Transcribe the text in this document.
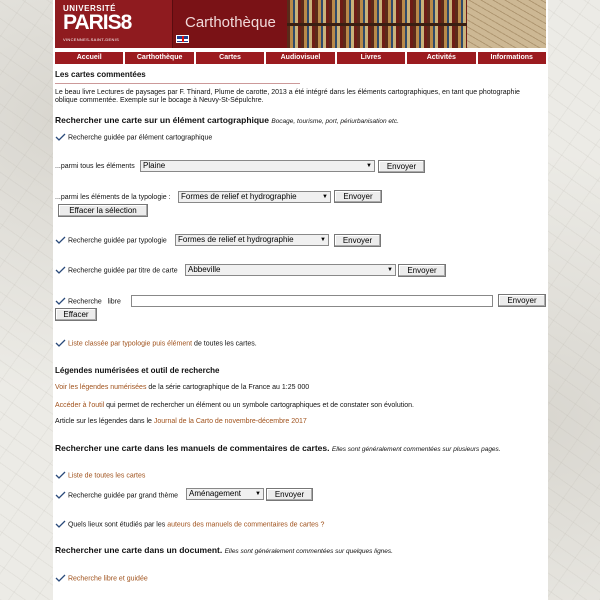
UNIVERSITÉ
PARIS8
VINCENNES-SAINT-DENIS
Carthothèque
Accueil	Carthothèque	Cartes	Audiovisuel	Livres	Activités	Informations
Les cartes commentées
Le beau livre Lectures de paysages par F. Thinard, Plume de carotte, 2013 a été intégré dans les éléments cartographiques, en tant que photographie
oblique commentée. Exemple sur le bocage à Neuvy-St-Sépulchre.
Rechercher une carte sur un élément cartographique Bocage, tourisme, port, périurbanisation etc.
Recherche guidée par élément cartographique
...parmi tous les éléments	Plaine	▼	Envoyer
...parmi les éléments de la typologie :	Formes de relief et hydrographie	▼	Envoyer
Effacer la sélection
Recherche guidée par typologie	Formes de relief et hydrographie	▼	Envoyer
Recherche guidée par titre de carte	Abbeville	▼	Envoyer
Recherche   libre	Envoyer
Effacer
Liste classée par typologie puis élément de toutes les cartes.
Légendes numérisées et outil de recherche
Voir les légendes numérisées de la série cartographique de la France au 1:25 000
Accéder à l'outil qui permet de rechercher un élément ou un symbole cartographiques et de constater son évolution.
Article sur les légendes dans le Journal de la Carto de novembre-décembre 2017
Rechercher une carte dans les manuels de commentaires de cartes. Elles sont généralement commentées sur plusieurs pages.
Liste de toutes les cartes
Recherche guidée par grand thème	Aménagement ▼	Envoyer
Quels lieux sont étudiés par les auteurs des manuels de commentaires de cartes ?
Rechercher une carte dans un document. Elles sont généralement commentées sur quelques lignes.
Recherche libre et guidée
